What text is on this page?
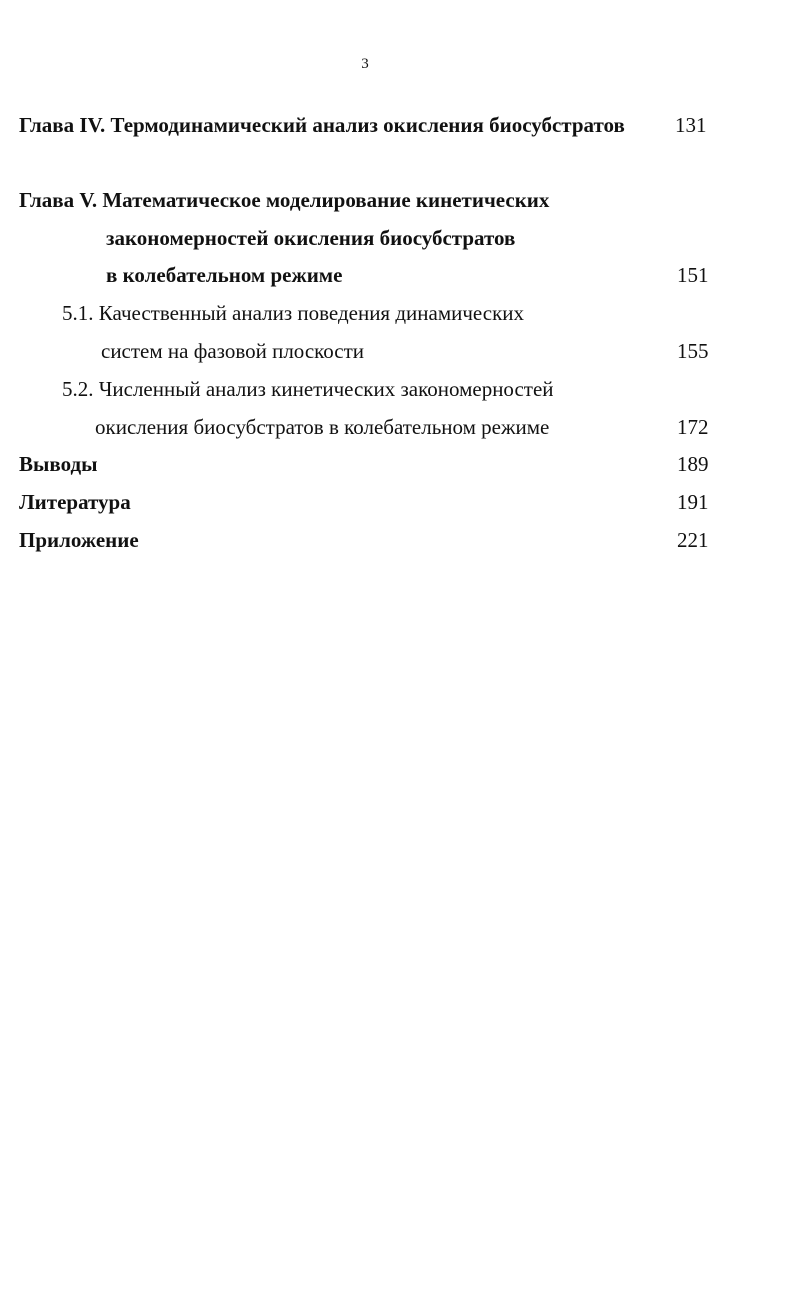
3
Глава IV. Термодинамический анализ окисления биосубстратов 131
Глава V. Математическое моделирование кинетических
закономерностей окисления биосубстратов
в колебательном режиме	151
5.1. Качественный анализ поведения динамических
систем на фазовой плоскости	155
5.2. Численный анализ кинетических закономерностей
окисления биосубстратов в колебательном режиме	172
Выводы	189
Литература	191
Приложение	221
